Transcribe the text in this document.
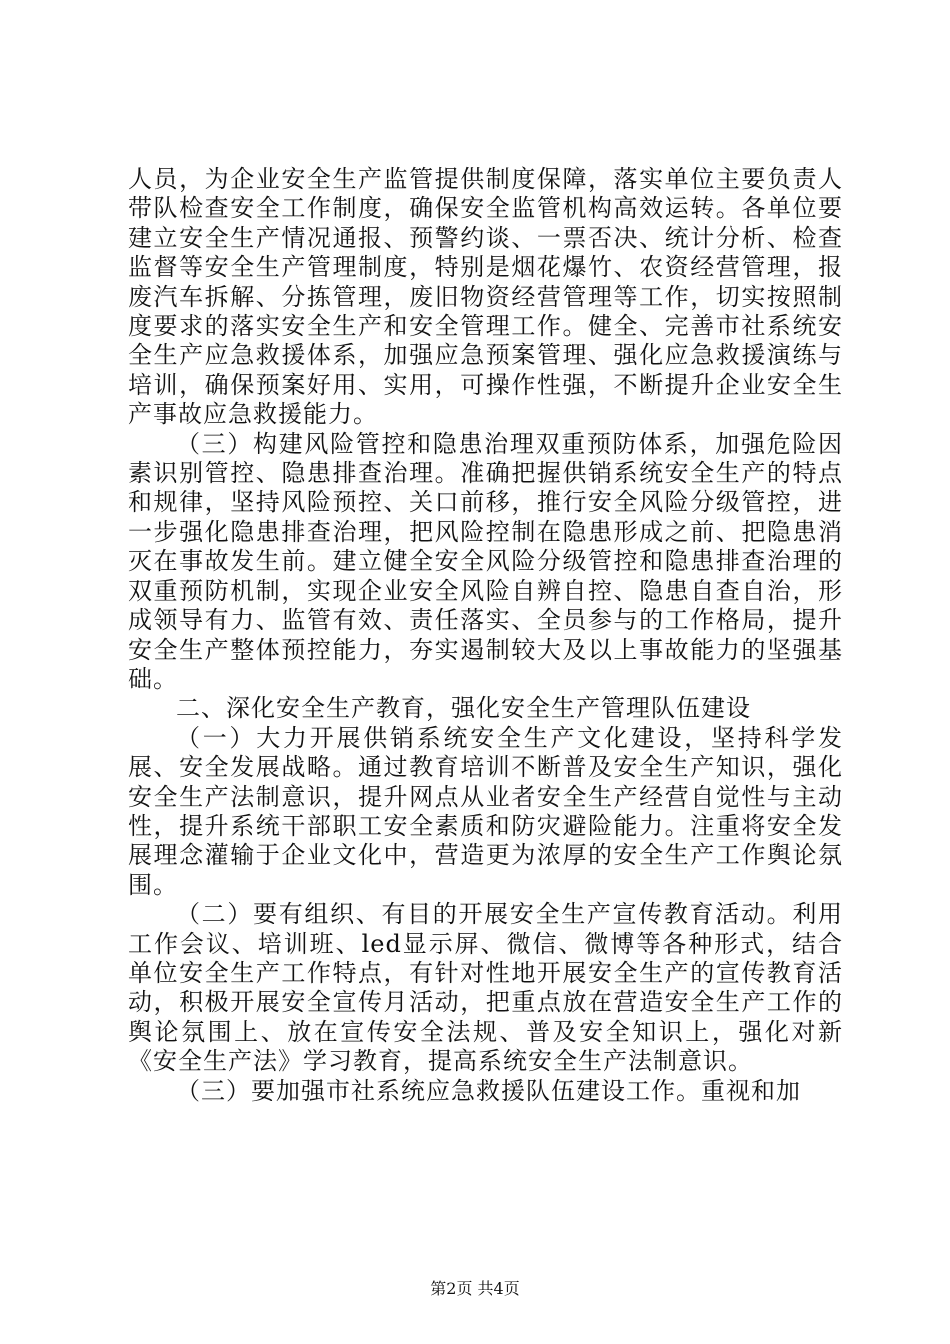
人员，为企业安全生产监管提供制度保障，落实单位主要负责人带队检查安全工作制度，确保安全监管机构高效运转。各单位要建立安全生产情况通报、预警约谈、一票否决、统计分析、检查监督等安全生产管理制度，特别是烟花爆竹、农资经营管理，报废汽车拆解、分拣管理，废旧物资经营管理等工作，切实按照制度要求的落实安全生产和安全管理工作。健全、完善市社系统安全生产应急救援体系，加强应急预案管理、强化应急救援演练与培训，确保预案好用、实用，可操作性强，不断提升企业安全生产事故应急救援能力。

（三）构建风险管控和隐患治理双重预防体系，加强危险因素识别管控、隐患排查治理。准确把握供销系统安全生产的特点和规律，坚持风险预控、关口前移，推行安全风险分级管控，进一步强化隐患排查治理，把风险控制在隐患形成之前、把隐患消灭在事故发生前。建立健全安全风险分级管控和隐患排查治理的双重预防机制，实现企业安全风险自辨自控、隐患自查自治，形成领导有力、监管有效、责任落实、全员参与的工作格局，提升安全生产整体预控能力，夯实遏制较大及以上事故能力的坚强基础。

二、深化安全生产教育，强化安全生产管理队伍建设

（一）大力开展供销系统安全生产文化建设，坚持科学发展、安全发展战略。通过教育培训不断普及安全生产知识，强化安全生产法制意识，提升网点从业者安全生产经营自觉性与主动性，提升系统干部职工安全素质和防灾避险能力。注重将安全发展理念灌输于企业文化中，营造更为浓厚的安全生产工作舆论氛围。

（二）要有组织、有目的开展安全生产宣传教育活动。利用工作会议、培训班、led显示屏、微信、微博等各种形式，结合单位安全生产工作特点，有针对性地开展安全生产的宣传教育活动，积极开展安全宣传月活动，把重点放在营造安全生产工作的舆论氛围上、放在宣传安全法规、普及安全知识上，强化对新《安全生产法》学习教育，提高系统安全生产法制意识。

（三）要加强市社系统应急救援队伍建设工作。重视和加

第2页 共4页
